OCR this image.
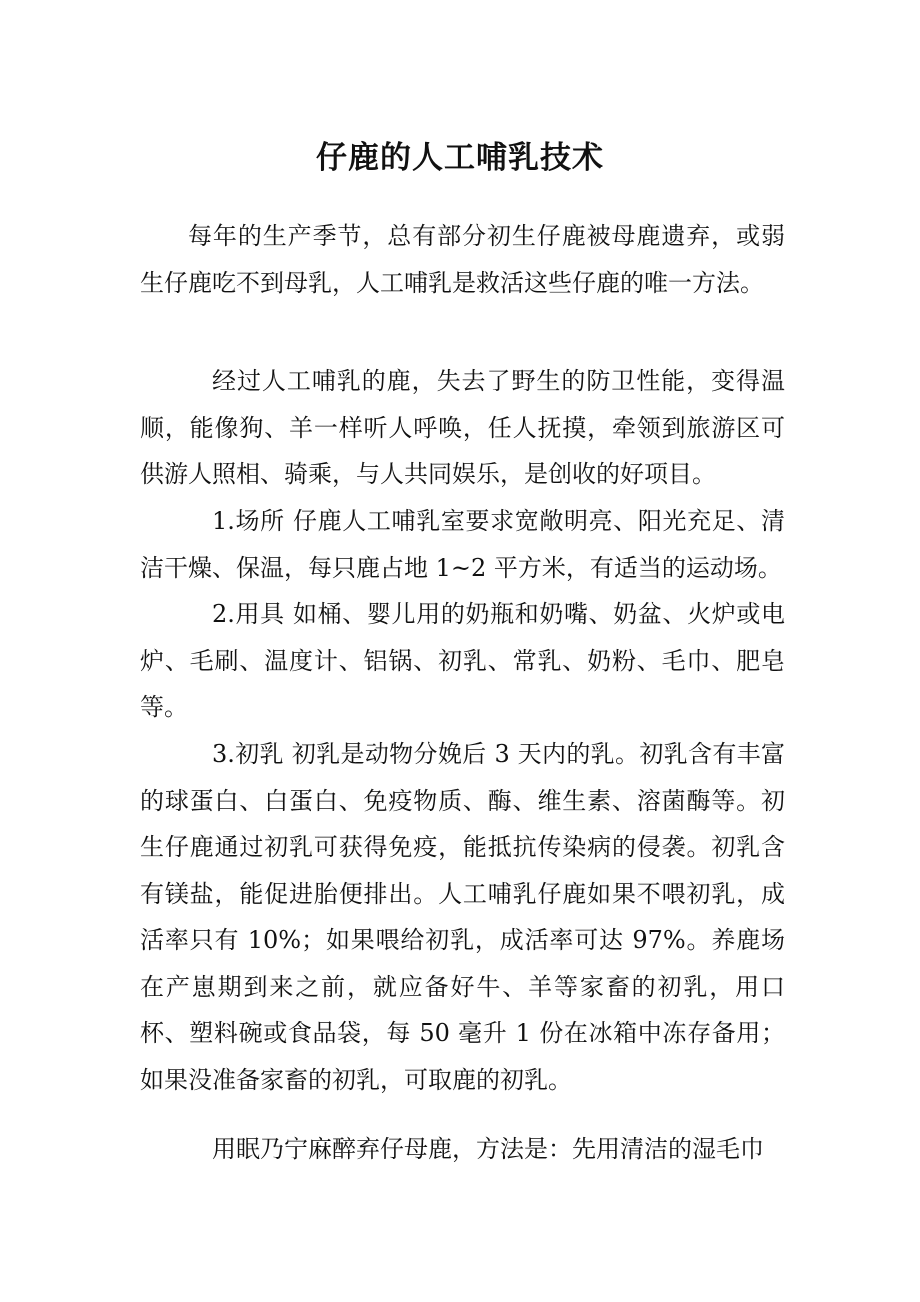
仔鹿的人工哺乳技术

每年的生产季节，总有部分初生仔鹿被母鹿遗弃，或弱生仔鹿吃不到母乳，人工哺乳是救活这些仔鹿的唯一方法。

经过人工哺乳的鹿，失去了野生的防卫性能，变得温顺，能像狗、羊一样听人呼唤，任人抚摸，牵领到旅游区可供游人照相、骑乘，与人共同娱乐，是创收的好项目。

1.场所 仔鹿人工哺乳室要求宽敞明亮、阳光充足、清洁干燥、保温，每只鹿占地 1~2 平方米，有适当的运动场。

2.用具 如桶、婴儿用的奶瓶和奶嘴、奶盆、火炉或电炉、毛刷、温度计、铝锅、初乳、常乳、奶粉、毛巾、肥皂等。

3.初乳 初乳是动物分娩后 3 天内的乳。初乳含有丰富的球蛋白、白蛋白、免疫物质、酶、维生素、溶菌酶等。初生仔鹿通过初乳可获得免疫，能抵抗传染病的侵袭。初乳含有镁盐，能促进胎便排出。人工哺乳仔鹿如果不喂初乳，成活率只有 10%；如果喂给初乳，成活率可达 97%。养鹿场在产崽期到来之前，就应备好牛、羊等家畜的初乳，用口杯、塑料碗或食品袋，每 50 毫升 1 份在冰箱中冻存备用；如果没准备家畜的初乳，可取鹿的初乳。

用眠乃宁麻醉弃仔母鹿，方法是：先用清洁的湿毛巾
